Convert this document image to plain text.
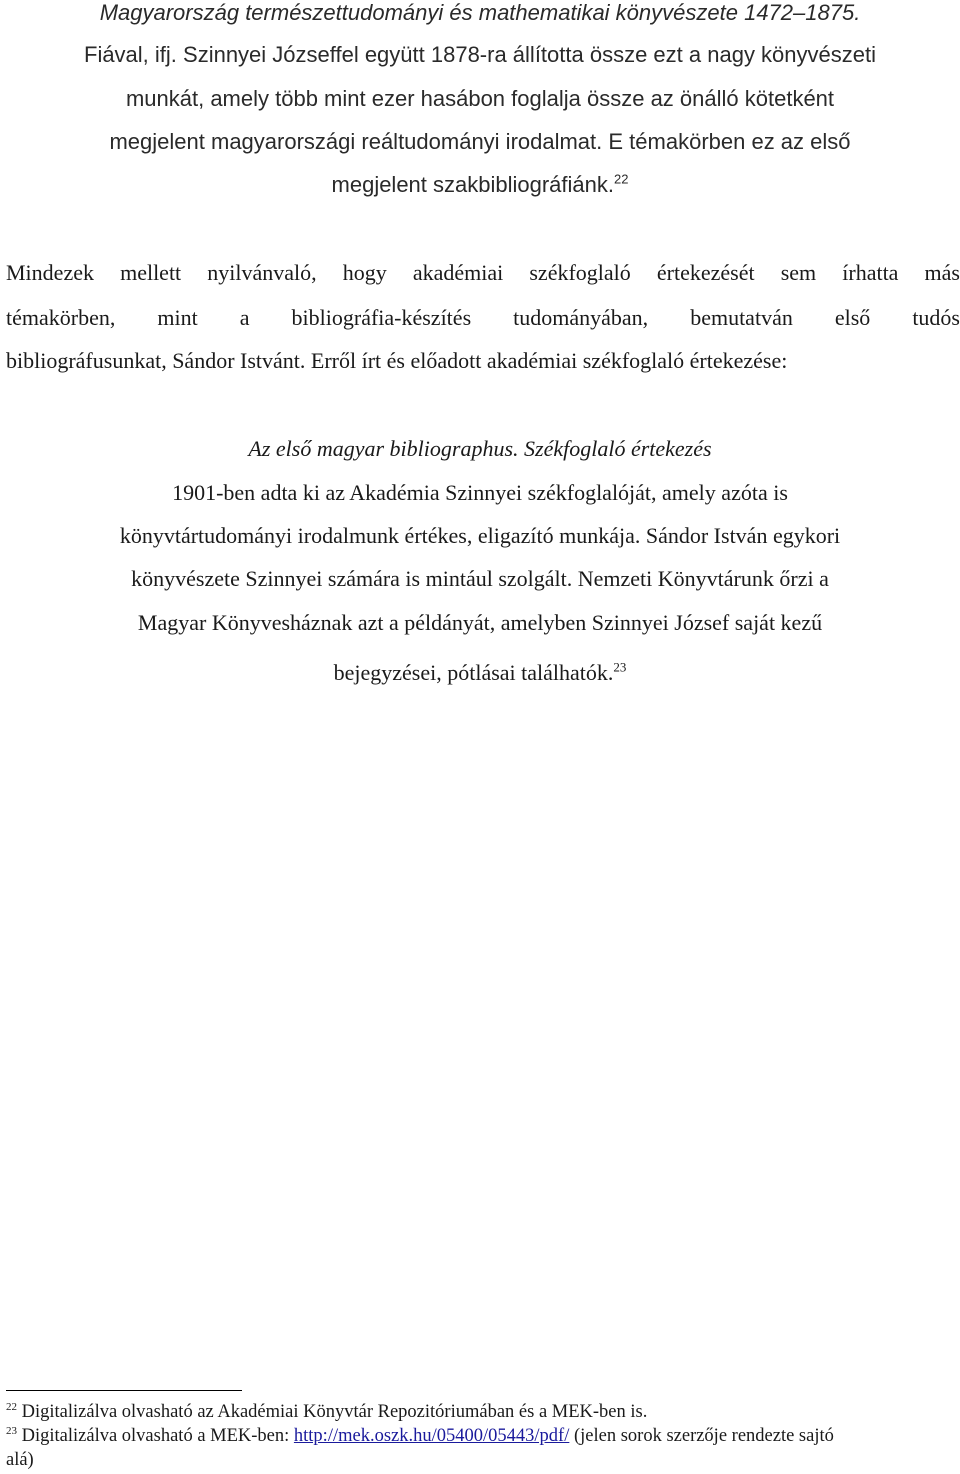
Magyarország természettudományi és mathematikai könyvészete 1472–1875.
Fiával, ifj. Szinnyei Józseffel együtt 1878-ra állította össze ezt a nagy könyvészeti
munkát, amely több mint ezer hasábon foglalja össze az önálló kötetként
megjelent magyarországi reáltudományi irodalmat. E témakörben ez az első
megjelent szakbibliográfiánk.$^{22}$
Mindezek mellett nyilvánvaló, hogy akadémiai székfoglaló értekezését sem írhatta más
témakörben, mint a bibliográfia-készítés tudományában, bemutatván első tudós
bibliográfusunkat, Sándor Istvánt. Erről írt és előadott akadémiai székfoglaló értekezése:
Az első magyar bibliographus. Székfoglaló értekezés
1901-ben adta ki az Akadémia Szinnyei székfoglalóját, amely azóta is
könyvtártudományi irodalmunk értékes, eligazító munkája. Sándor István egykori
könyvészete Szinnyei számára is mintául szolgált. Nemzeti Könyvtárunk őrzi a
Magyar Könyvesháznak azt a példányát, amelyben Szinnyei József saját kezű
bejegyzései, pótlásai találhatók.$^{23}$
$^{22}$ Digitalizálva olvasható az Akadémiai Könyvtár Repozitóriumában és a MEK-ben is.
$^{23}$ Digitalizálva olvasható a MEK-ben: http://mek.oszk.hu/05400/05443/pdf/ (jelen sorok szerzője rendezte sajtó
alá)
